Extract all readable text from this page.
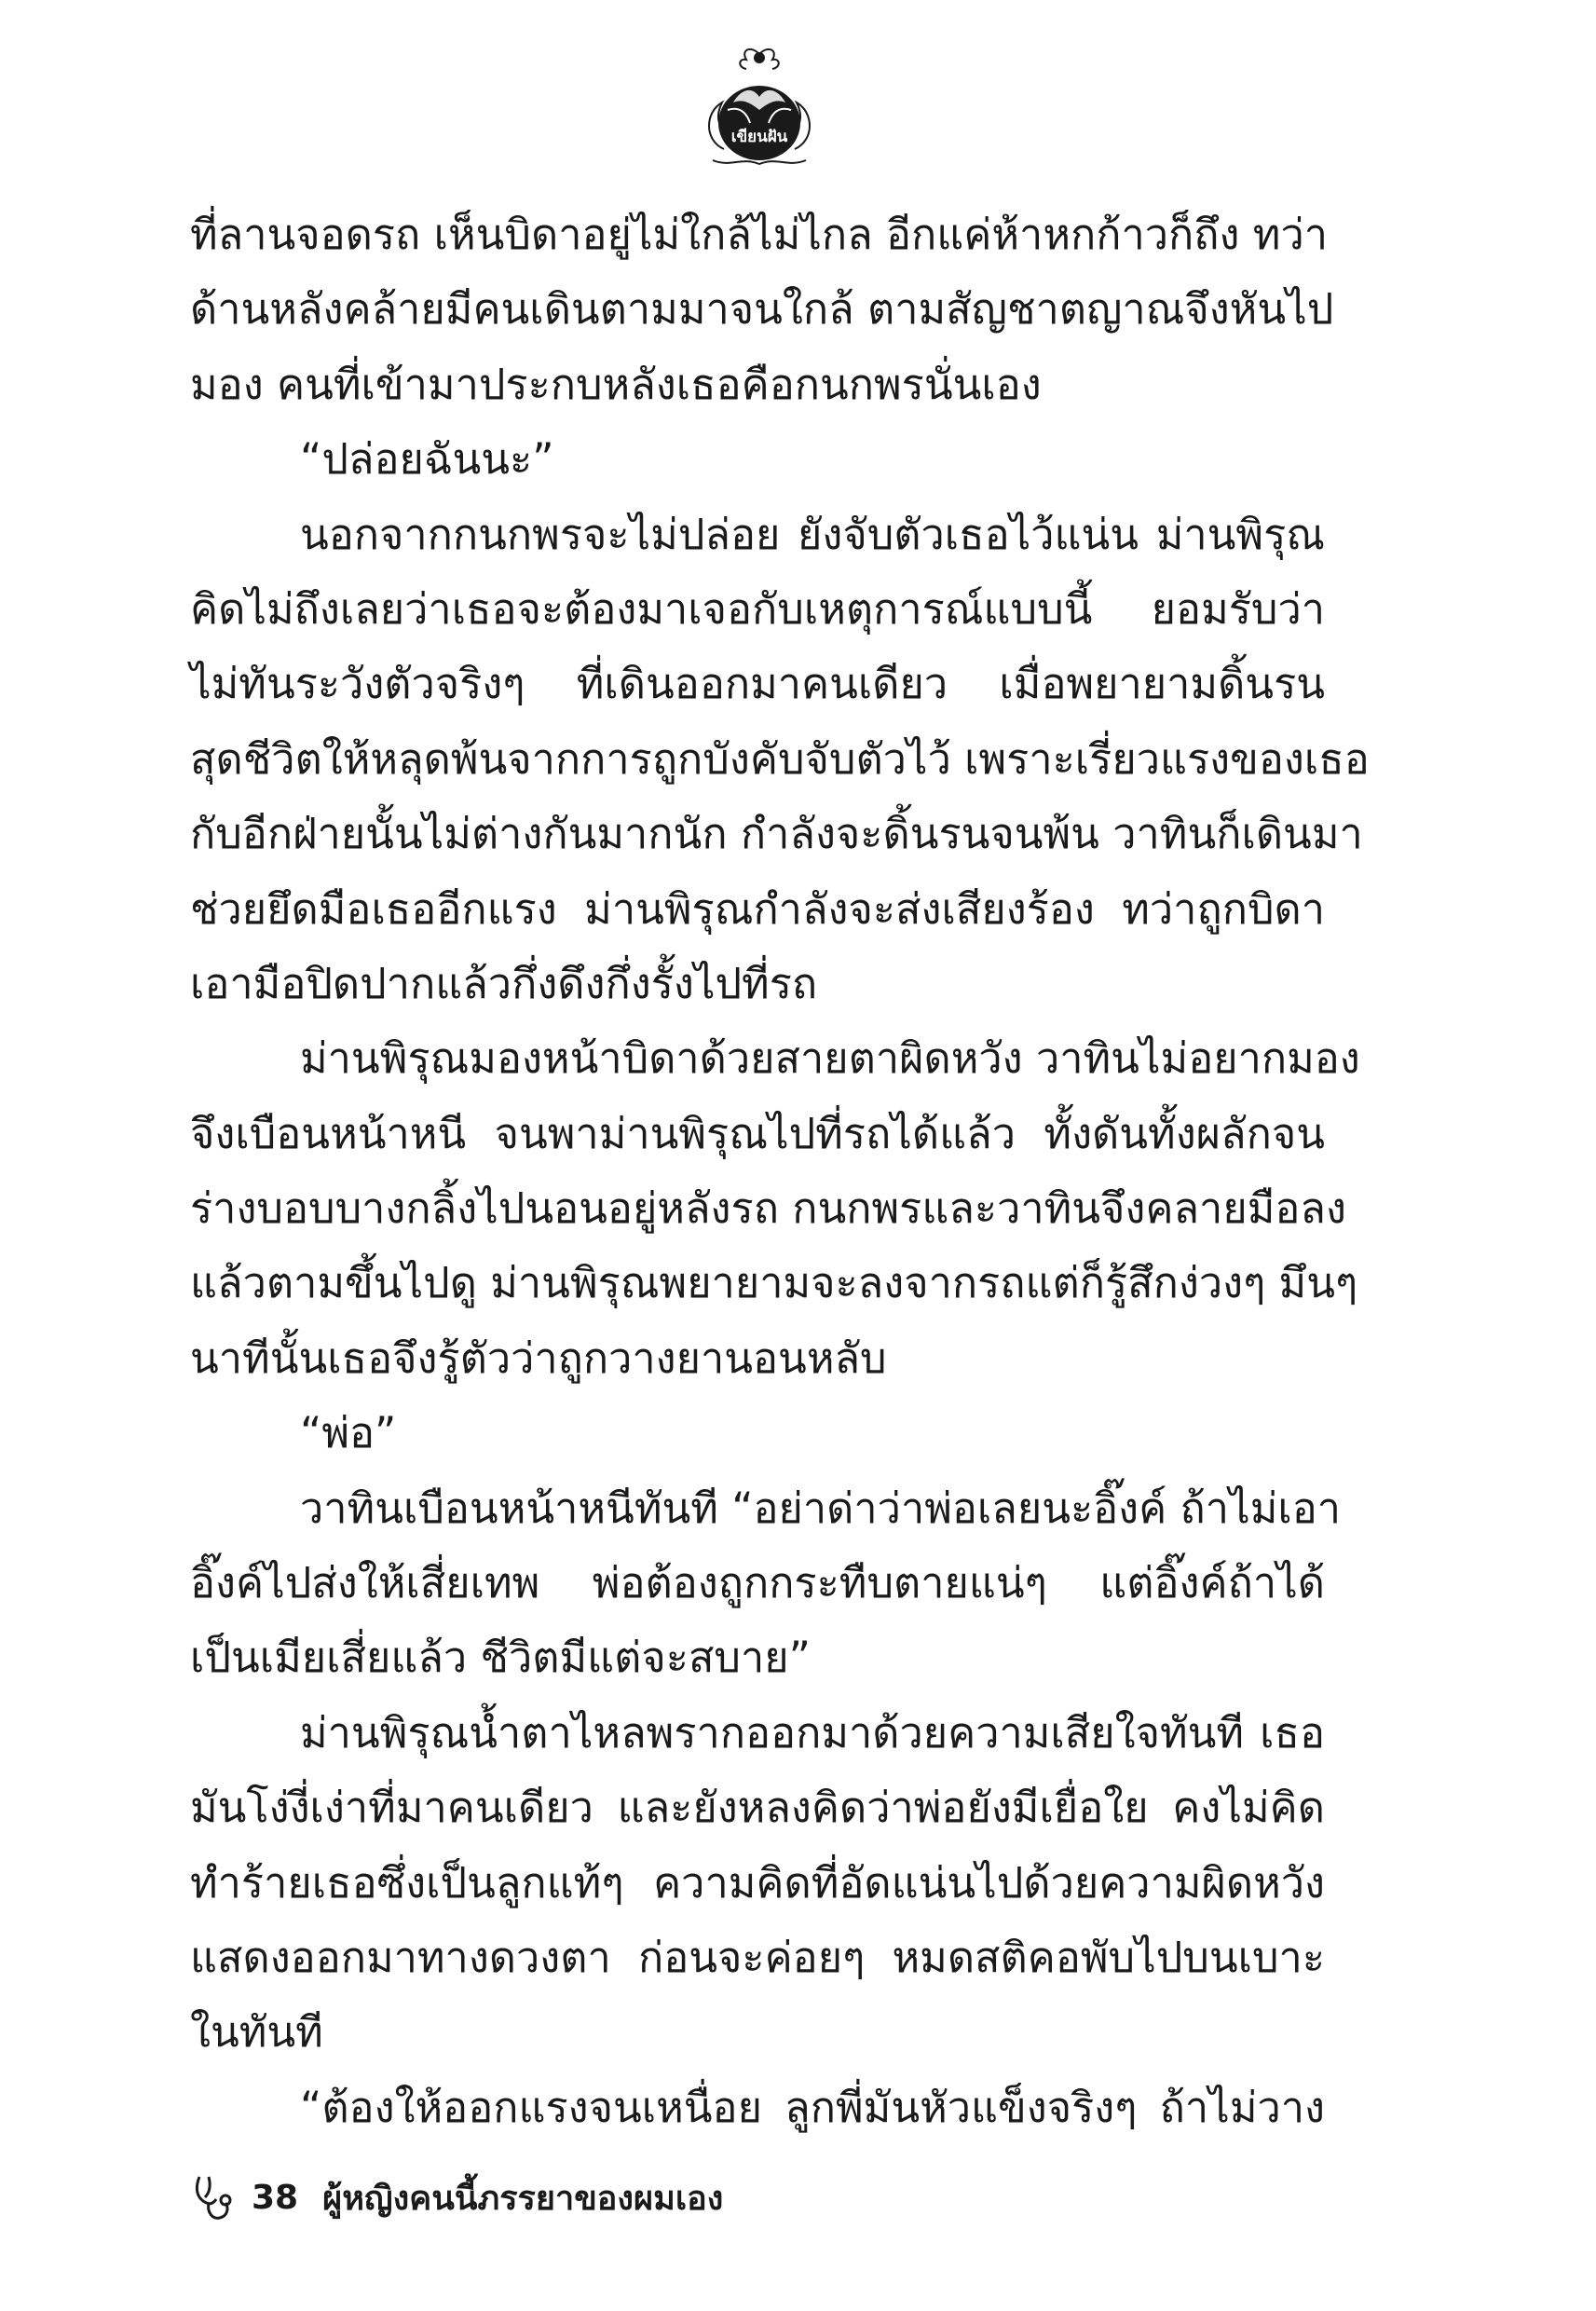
เขียนฝัน
ที่ลานจอดรถ เห็นบิดาอยู่ไม่ใกล้ไม่ไกล อีกแค่ห้าหกก้าวก็ถึง ทว่า
ด้านหลังคล้ายมีคนเดินตามมาจนใกล้ ตามสัญชาตญาณจึงหันไป
มอง คนที่เข้ามาประกบหลังเธอคือกนกพรนั่นเอง
“ปล่อยฉันนะ”
นอกจากกนกพรจะไม่ปล่อย ยังจับตัวเธอไว้แน่น ม่านพิรุณ
คิดไม่ถึงเลยว่าเธอจะต้องมาเจอกับเหตุการณ์แบบนี้ ยอมรับว่า
ไม่ทันระวังตัวจริงๆ ที่เดินออกมาคนเดียว เมื่อพยายามดิ้นรน
สุดชีวิตให้หลุดพ้นจากการถูกบังคับจับตัวไว้ เพราะเรี่ยวแรงของเธอ
กับอีกฝ่ายนั้นไม่ต่างกันมากนัก กำลังจะดิ้นรนจนพ้น วาทินก็เดินมา
ช่วยยึดมือเธออีกแรง ม่านพิรุณกำลังจะส่งเสียงร้อง ทว่าถูกบิดา
เอามือปิดปากแล้วกึ่งดึงกึ่งรั้งไปที่รถ
ม่านพิรุณมองหน้าบิดาด้วยสายตาผิดหวัง วาทินไม่อยากมอง
จึงเบือนหน้าหนี จนพาม่านพิรุณไปที่รถได้แล้ว ทั้งดันทั้งผลักจน
ร่างบอบบางกลิ้งไปนอนอยู่หลังรถ กนกพรและวาทินจึงคลายมือลง
แล้วตามขึ้นไปดู ม่านพิรุณพยายามจะลงจากรถแต่ก็รู้สึกง่วงๆ มึนๆ
นาทีนั้นเธอจึงรู้ตัวว่าถูกวางยานอนหลับ
“พ่อ”
วาทินเบือนหน้าหนีทันที “อย่าด่าว่าพ่อเลยนะอิ๊งค์ ถ้าไม่เอา
อิ๊งค์ไปส่งให้เสี่ยเทพ พ่อต้องถูกกระทืบตายแน่ๆ แต่อิ๊งค์ถ้าได้
เป็นเมียเสี่ยแล้ว ชีวิตมีแต่จะสบาย”
ม่านพิรุณน้ำตาไหลพรากออกมาด้วยความเสียใจทันที เธอ
มันโง่งี่เง่าที่มาคนเดียว และยังหลงคิดว่าพ่อยังมีเยื่อใย คงไม่คิด
ทำร้ายเธอซึ่งเป็นลูกแท้ๆ ความคิดที่อัดแน่นไปด้วยความผิดหวัง
แสดงออกมาทางดวงตา ก่อนจะค่อยๆ หมดสติคอพับไปบนเบาะ
ในทันที
“ต้องให้ออกแรงจนเหนื่อย ลูกพี่มันหัวแข็งจริงๆ ถ้าไม่วาง
38 ผู้หญิงคนนี้ภรรยาของผมเอง
